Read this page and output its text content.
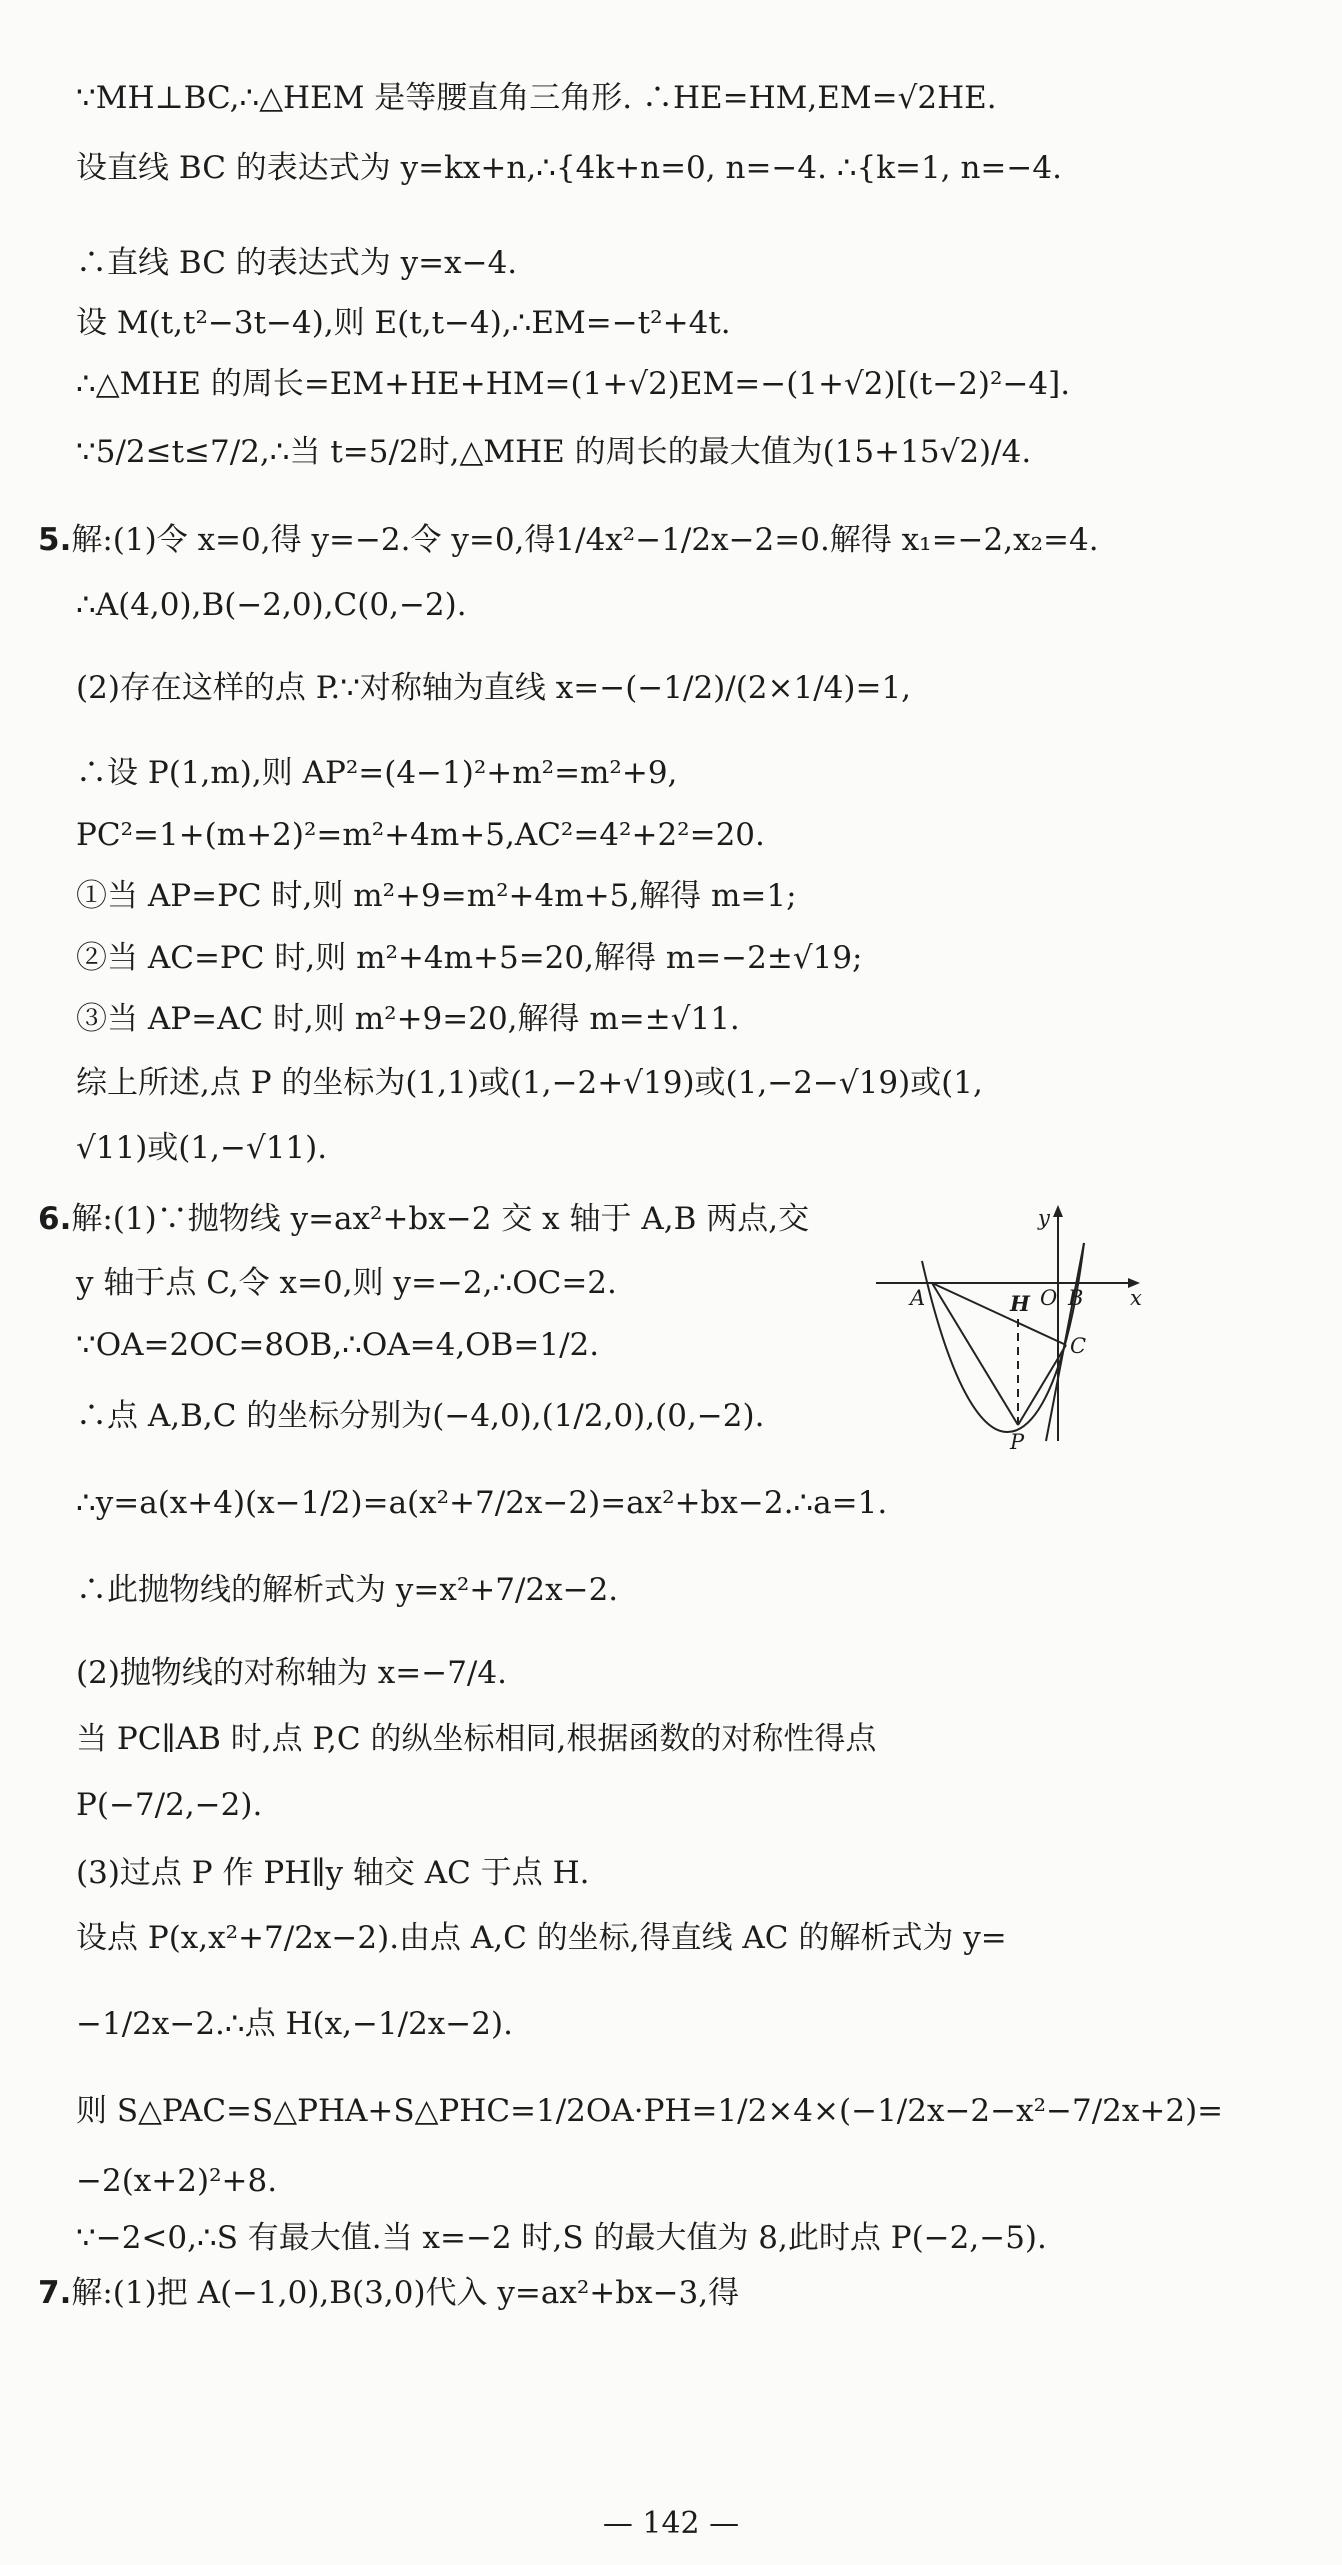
∵MH⊥BC,∴△HEM 是等腰直角三角形. ∴HE=HM,EM=√2HE.
设直线 BC 的表达式为 y=kx+n,∴{4k+n=0, n=−4. ∴{k=1, n=−4.
∴直线 BC 的表达式为 y=x−4.
设 M(t,t²−3t−4),则 E(t,t−4),∴EM=−t²+4t.
∴△MHE 的周长=EM+HE+HM=(1+√2)EM=−(1+√2)[(t−2)²−4].
∵5/2≤t≤7/2,∴当 t=5/2时,△MHE 的周长的最大值为(15+15√2)/4.
5.解:(1)令 x=0,得 y=−2.令 y=0,得1/4x²−1/2x−2=0.解得 x₁=−2,x₂=4.
∴A(4,0),B(−2,0),C(0,−2).
(2)存在这样的点 P.∵对称轴为直线 x=−(−1/2)/(2×1/4)=1,
∴设 P(1,m),则 AP²=(4−1)²+m²=m²+9,
PC²=1+(m+2)²=m²+4m+5,AC²=4²+2²=20.
①当 AP=PC 时,则 m²+9=m²+4m+5,解得 m=1;
②当 AC=PC 时,则 m²+4m+5=20,解得 m=−2±√19;
③当 AP=AC 时,则 m²+9=20,解得 m=±√11.
综上所述,点 P 的坐标为(1,1)或(1,−2+√19)或(1,−2−√19)或(1,
√11)或(1,−√11).
6.解:(1)∵抛物线 y=ax²+bx−2 交 x 轴于 A,B 两点,交
y 轴于点 C,令 x=0,则 y=−2,∴OC=2.
∵OA=2OC=8OB,∴OA=4,OB=1/2.
∴点 A,B,C 的坐标分别为(−4,0),(1/2,0),(0,−2).
∴y=a(x+4)(x−1/2)=a(x²+7/2x−2)=ax²+bx−2.∴a=1.
∴此抛物线的解析式为 y=x²+7/2x−2.
(2)抛物线的对称轴为 x=−7/4.
当 PC∥AB 时,点 P,C 的纵坐标相同,根据函数的对称性得点
P(−7/2,−2).
(3)过点 P 作 PH∥y 轴交 AC 于点 H.
设点 P(x,x²+7/2x−2).由点 A,C 的坐标,得直线 AC 的解析式为 y=
−1/2x−2.∴点 H(x,−1/2x−2).
则 S△PAC=S△PHA+S△PHC=1/2OA·PH=1/2×4×(−1/2x−2−x²−7/2x+2)=
−2(x+2)²+8.
∵−2<0,∴S 有最大值.当 x=−2 时,S 的最大值为 8,此时点 P(−2,−5).
7.解:(1)把 A(−1,0),B(3,0)代入 y=ax²+bx−3,得
y
x
A	O B
H
C
P
— 142 —
